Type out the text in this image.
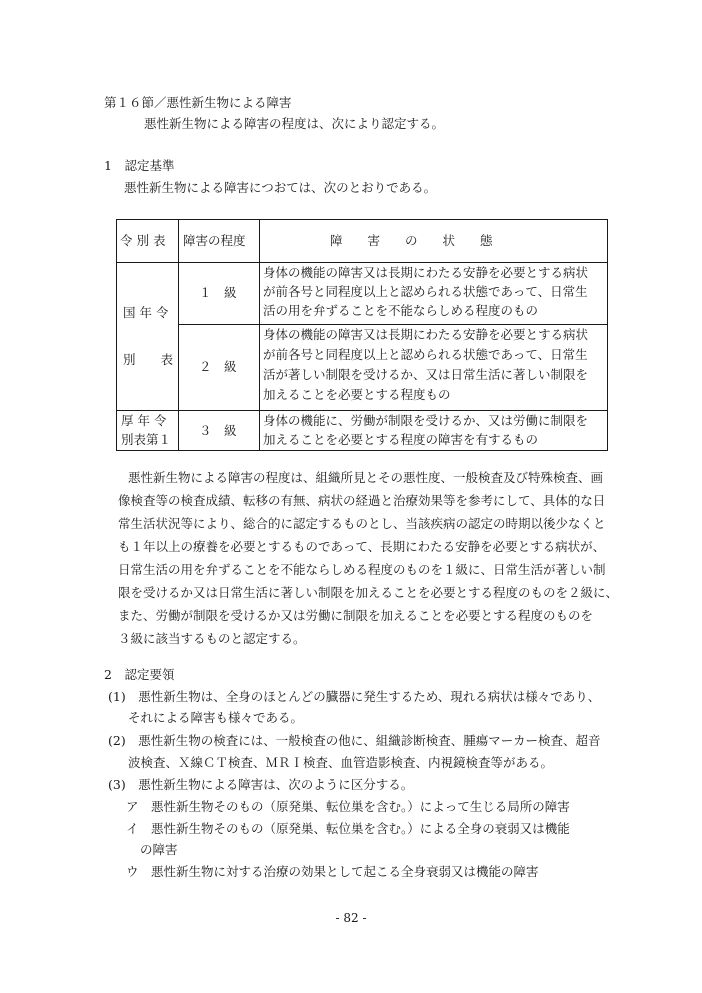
第１６節／悪性新生物による障害
悪性新生物による障害の程度は、次により認定する。
1　認定基準
悪性新生物による障害につおては、次のとおりである。
令 別 表 障害の程度	障　　害　　の　　状　　態
国 年 令
別　　表
厚 年 令
別表第１
１　級
身体の機能の障害又は長期にわたる安静を必要とする病状
が前各号と同程度以上と認められる状態であって、日常生
活の用を弁ずることを不能ならしめる程度のもの
２　級
身体の機能の障害又は長期にわたる安静を必要とする病状
が前各号と同程度以上と認められる状態であって、日常生
活が著しい制限を受けるか、又は日常生活に著しい制限を
加えることを必要とする程度もの
３　級
身体の機能に、労働が制限を受けるか、又は労働に制限を
加えることを必要とする程度の障害を有するもの
悪性新生物による障害の程度は、組織所見とその悪性度、一般検査及び特殊検査、画
像検査等の検査成績、転移の有無、病状の経過と治療効果等を参考にして、具体的な日
常生活状況等により、総合的に認定するものとし、当該疾病の認定の時期以後少なくと
も１年以上の療養を必要とするものであって、長期にわたる安静を必要とする病状が、
日常生活の用を弁ずることを不能ならしめる程度のものを１級に、日常生活が著しい制
限を受けるか又は日常生活に著しい制限を加えることを必要とする程度のものを２級に、
また、労働が制限を受けるか又は労働に制限を加えることを必要とする程度のものを
３級に該当するものと認定する。
2　認定要領
(1)　悪性新生物は、全身のほとんどの臓器に発生するため、現れる病状は様々であり、
それによる障害も様々である。
(2)　悪性新生物の検査には、一般検査の他に、組織診断検査、腫瘍マーカー検査、超音
波検査、Ｘ線ＣＴ検査、ＭＲＩ検査、血管造影検査、内視鏡検査等がある。
(3)　悪性新生物による障害は、次のように区分する。
ア　悪性新生物そのもの（原発巣、転位巣を含む。）によって生じる局所の障害
イ　悪性新生物そのもの（原発巣、転位巣を含む。）による全身の衰弱又は機能
の障害
ウ　悪性新生物に対する治療の効果として起こる全身衰弱又は機能の障害
- 82 -
